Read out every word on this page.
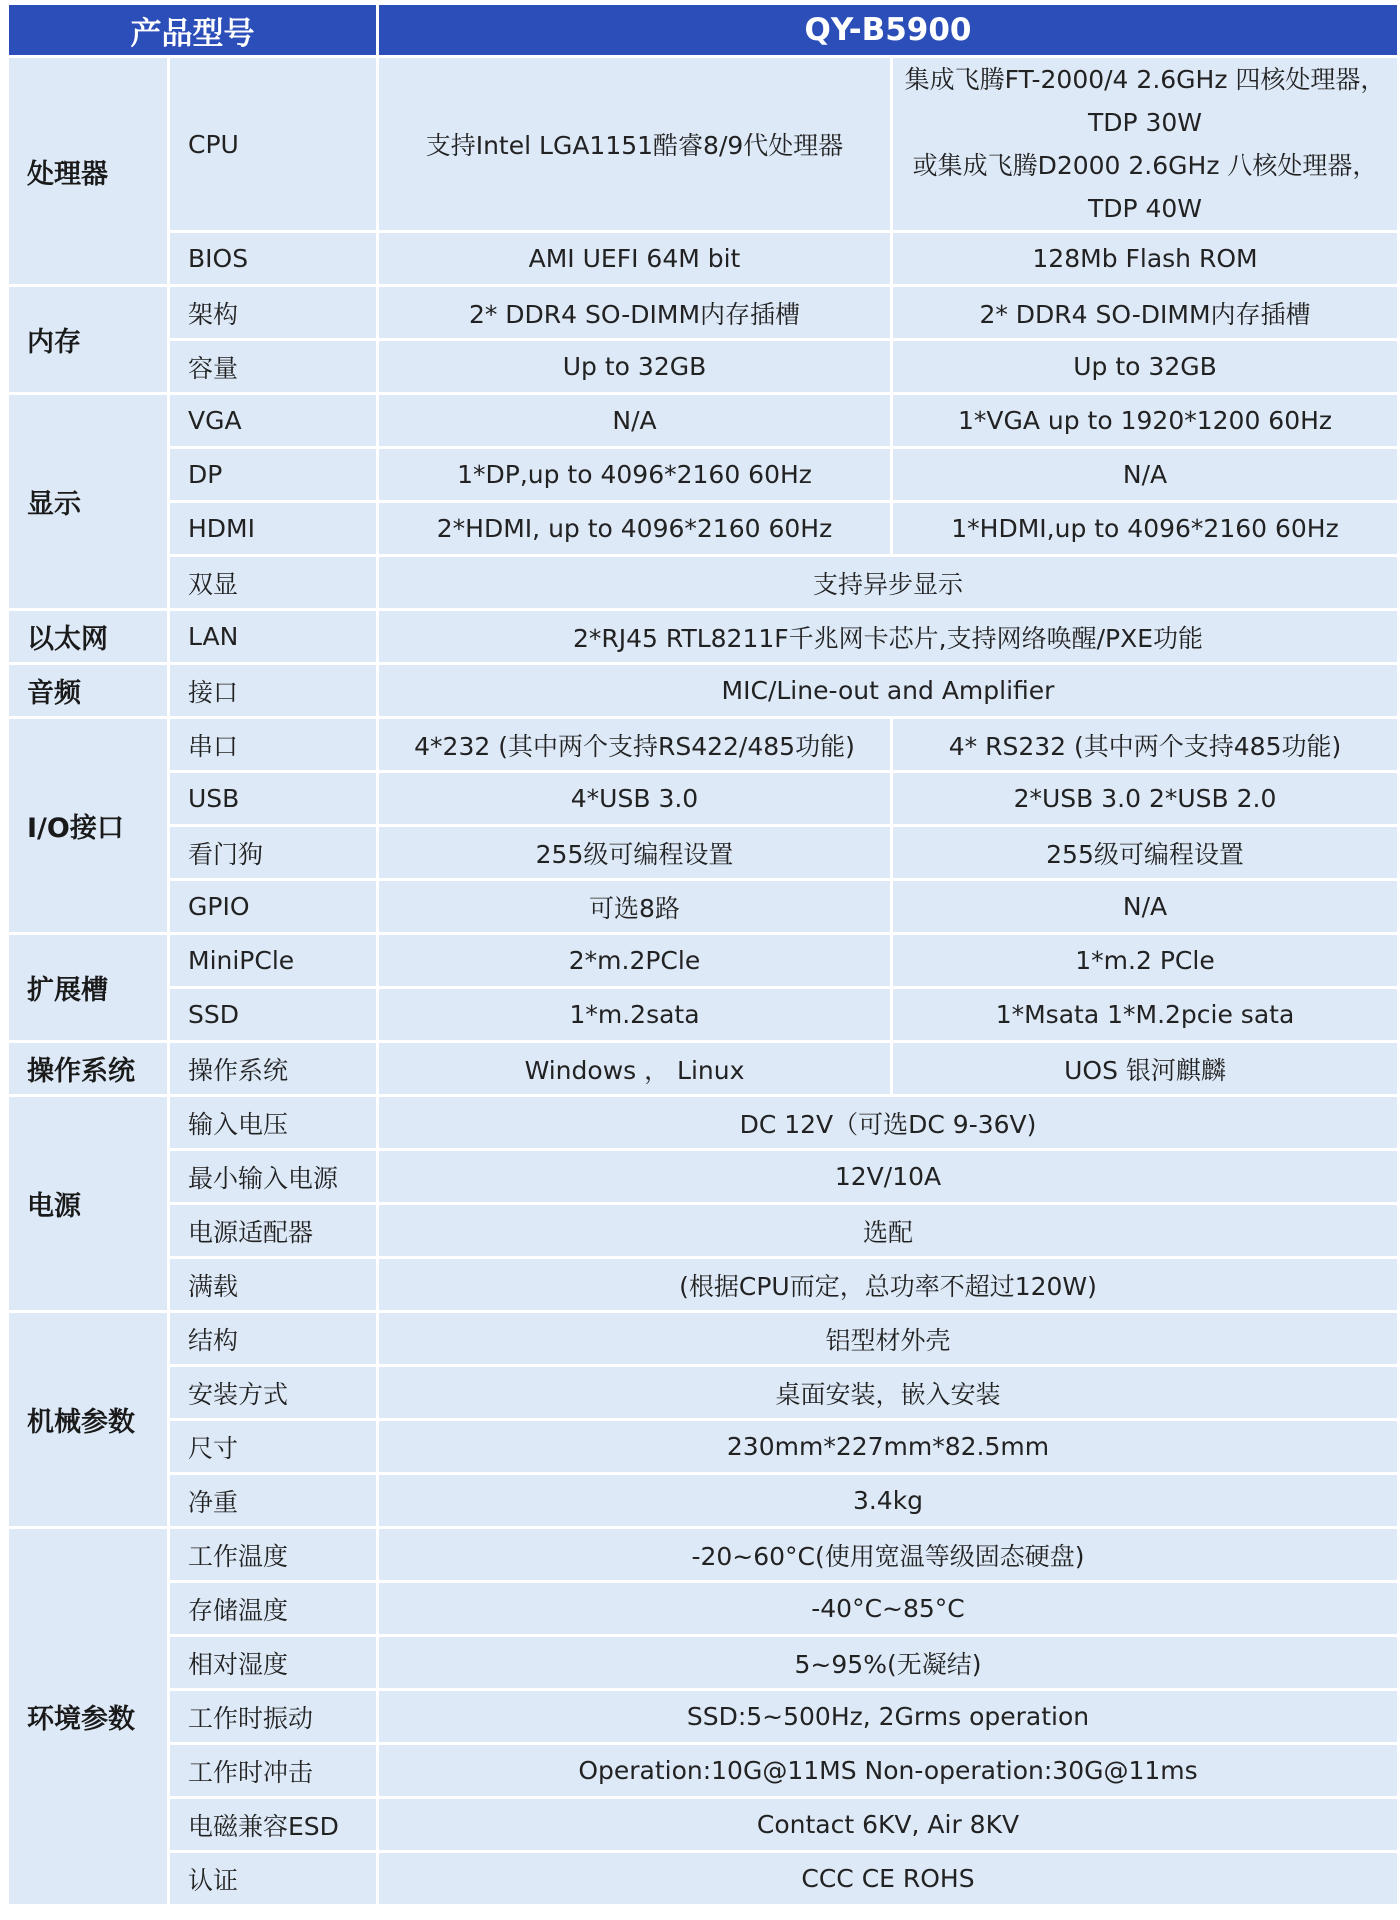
产品型号		QY-B5900	
处理器	CPU	支持Intel LGA1151酷睿8/9代处理器	集成飞腾FT-2000/4 2.6GHz 四核处理器，
TDP 30W
或集成飞腾D2000 2.6GHz 八核处理器，
TDP 40W

	BIOS	AMI UEFI 64M bit	128Mb Flash ROM
内存	架构	2* DDR4 SO-DIMM内存插槽	2* DDR4 SO-DIMM内存插槽
	容量	Up to 32GB	Up to 32GB
显示	VGA	N/A	1*VGA up to 1920*1200 60Hz
	DP	1*DP,up to 4096*2160 60Hz	N/A
	HDMI	2*HDMI, up to 4096*2160 60Hz	1*HDMI,up to 4096*2160 60Hz
	双显	支持异步显示	
以太网	LAN	2*RJ45 RTL8211F千兆网卡芯片,支持网络唤醒/PXE功能	
音频	接口	MIC/Line-out and Amplifier	
I/O接口	串口	4*232 (其中两个支持RS422/485功能)	4* RS232 (其中两个支持485功能)
	USB	4*USB 3.0	2*USB 3.0 2*USB 2.0
	看门狗	255级可编程设置	255级可编程设置
	GPIO	可选8路	N/A
扩展槽	MiniPCle	2*m.2PCle	1*m.2 PCle
	SSD	1*m.2sata	1*Msata 1*M.2pcie sata
操作系统	操作系统	Windows ， Linux	UOS 银河麒麟
电源	输入电压	DC 12V（可选DC 9-36V)	
	最小输入电源	12V/10A	
	电源适配器	选配	
	满载	(根据CPU而定，总功率不超过120W)	
机械参数	结构	铝型材外壳	
	安装方式	桌面安装，嵌入安装	
	尺寸	230mm*227mm*82.5mm	
	净重	3.4kg	
环境参数	工作温度	-20~60°C(使用宽温等级固态硬盘)	
	存储温度	-40°C~85°C	
	相对湿度	5~95%(无凝结)	
	工作时振动	SSD:5~500Hz, 2Grms operation	
	工作时冲击	Operation:10G@11MS Non-operation:30G@11ms	
	电磁兼容ESD	Contact 6KV, Air 8KV	
	认证	CCC CE ROHS	
